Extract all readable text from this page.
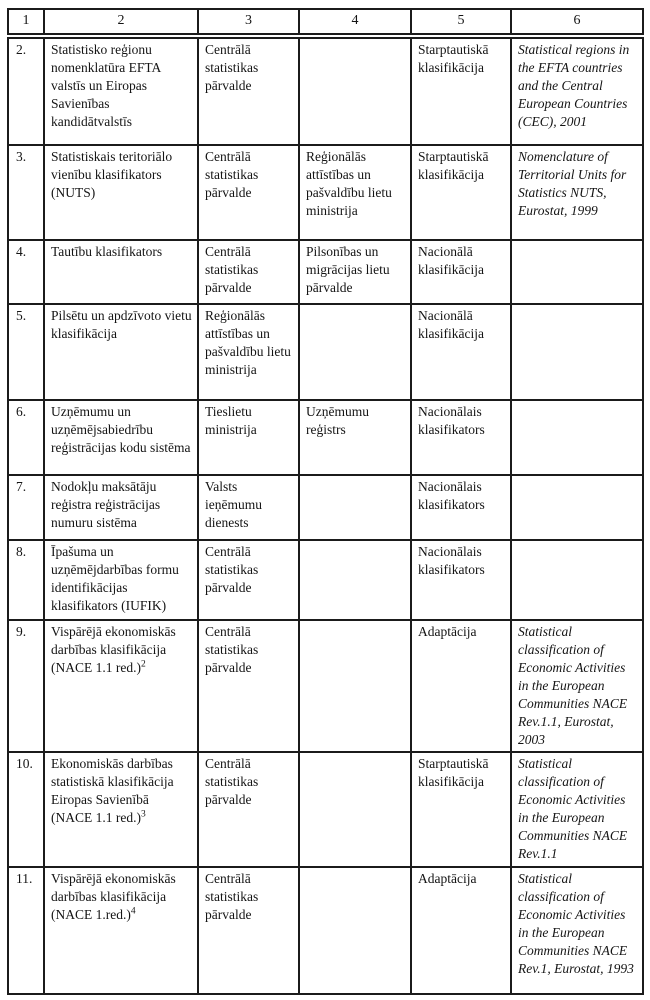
1	2	3	4	5	6
2.	Statistisko reģionu nomenklatūra EFTA valstīs un Eiropas Savienības kandidātvalstīs	Centrālā statistikas pārvalde		Starptautiskā klasifikācija	Statistical regions in the EFTA countries and the Central European Countries (CEC), 2001
3.	Statistiskais teritoriālo vienību klasifikators (NUTS)	Centrālā statistikas pārvalde	Reģionālās attīstības un pašvaldību lietu ministrija	Starptautiskā klasifikācija	Nomenclature of Territorial Units for Statistics NUTS, Eurostat, 1999
4.	Tautību klasifikators	Centrālā statistikas pārvalde	Pilsonības un migrācijas lietu pārvalde	Nacionālā klasifikācija	
5.	Pilsētu un apdzīvoto vietu klasifikācija	Reģionālās attīstības un pašvaldību lietu ministrija		Nacionālā klasifikācija	
6.	Uzņēmumu un uzņēmējsabiedrību reģistrācijas kodu sistēma	Tieslietu ministrija	Uzņēmumu reģistrs	Nacionālais klasifikators	
7.	Nodokļu maksātāju reģistra reģistrācijas numuru sistēma	Valsts ieņēmumu dienests		Nacionālais klasifikators	
8.	Īpašuma un uzņēmējdarbības formu identifikācijas klasifikators (IUFIK)	Centrālā statistikas pārvalde		Nacionālais klasifikators	
9.	Vispārējā ekonomiskās darbības klasifikācija (NACE 1.1 red.)$^2$	Centrālā statistikas pārvalde		Adaptācija	Statistical classification of Economic Activities in the European Communities NACE Rev.1.1, Eurostat, 2003
10.	Ekonomiskās darbības statistiskā klasifikācija Eiropas Savienībā (NACE 1.1 red.)$^3$	Centrālā statistikas pārvalde		Starptautiskā klasifikācija	Statistical classification of Economic Activities in the European Communities NACE Rev.1.1
11.	Vispārējā ekonomiskās darbības klasifikācija (NACE 1.red.)$^4$	Centrālā statistikas pārvalde		Adaptācija	Statistical classification of Economic Activities in the European Communities NACE Rev.1, Eurostat, 1993
